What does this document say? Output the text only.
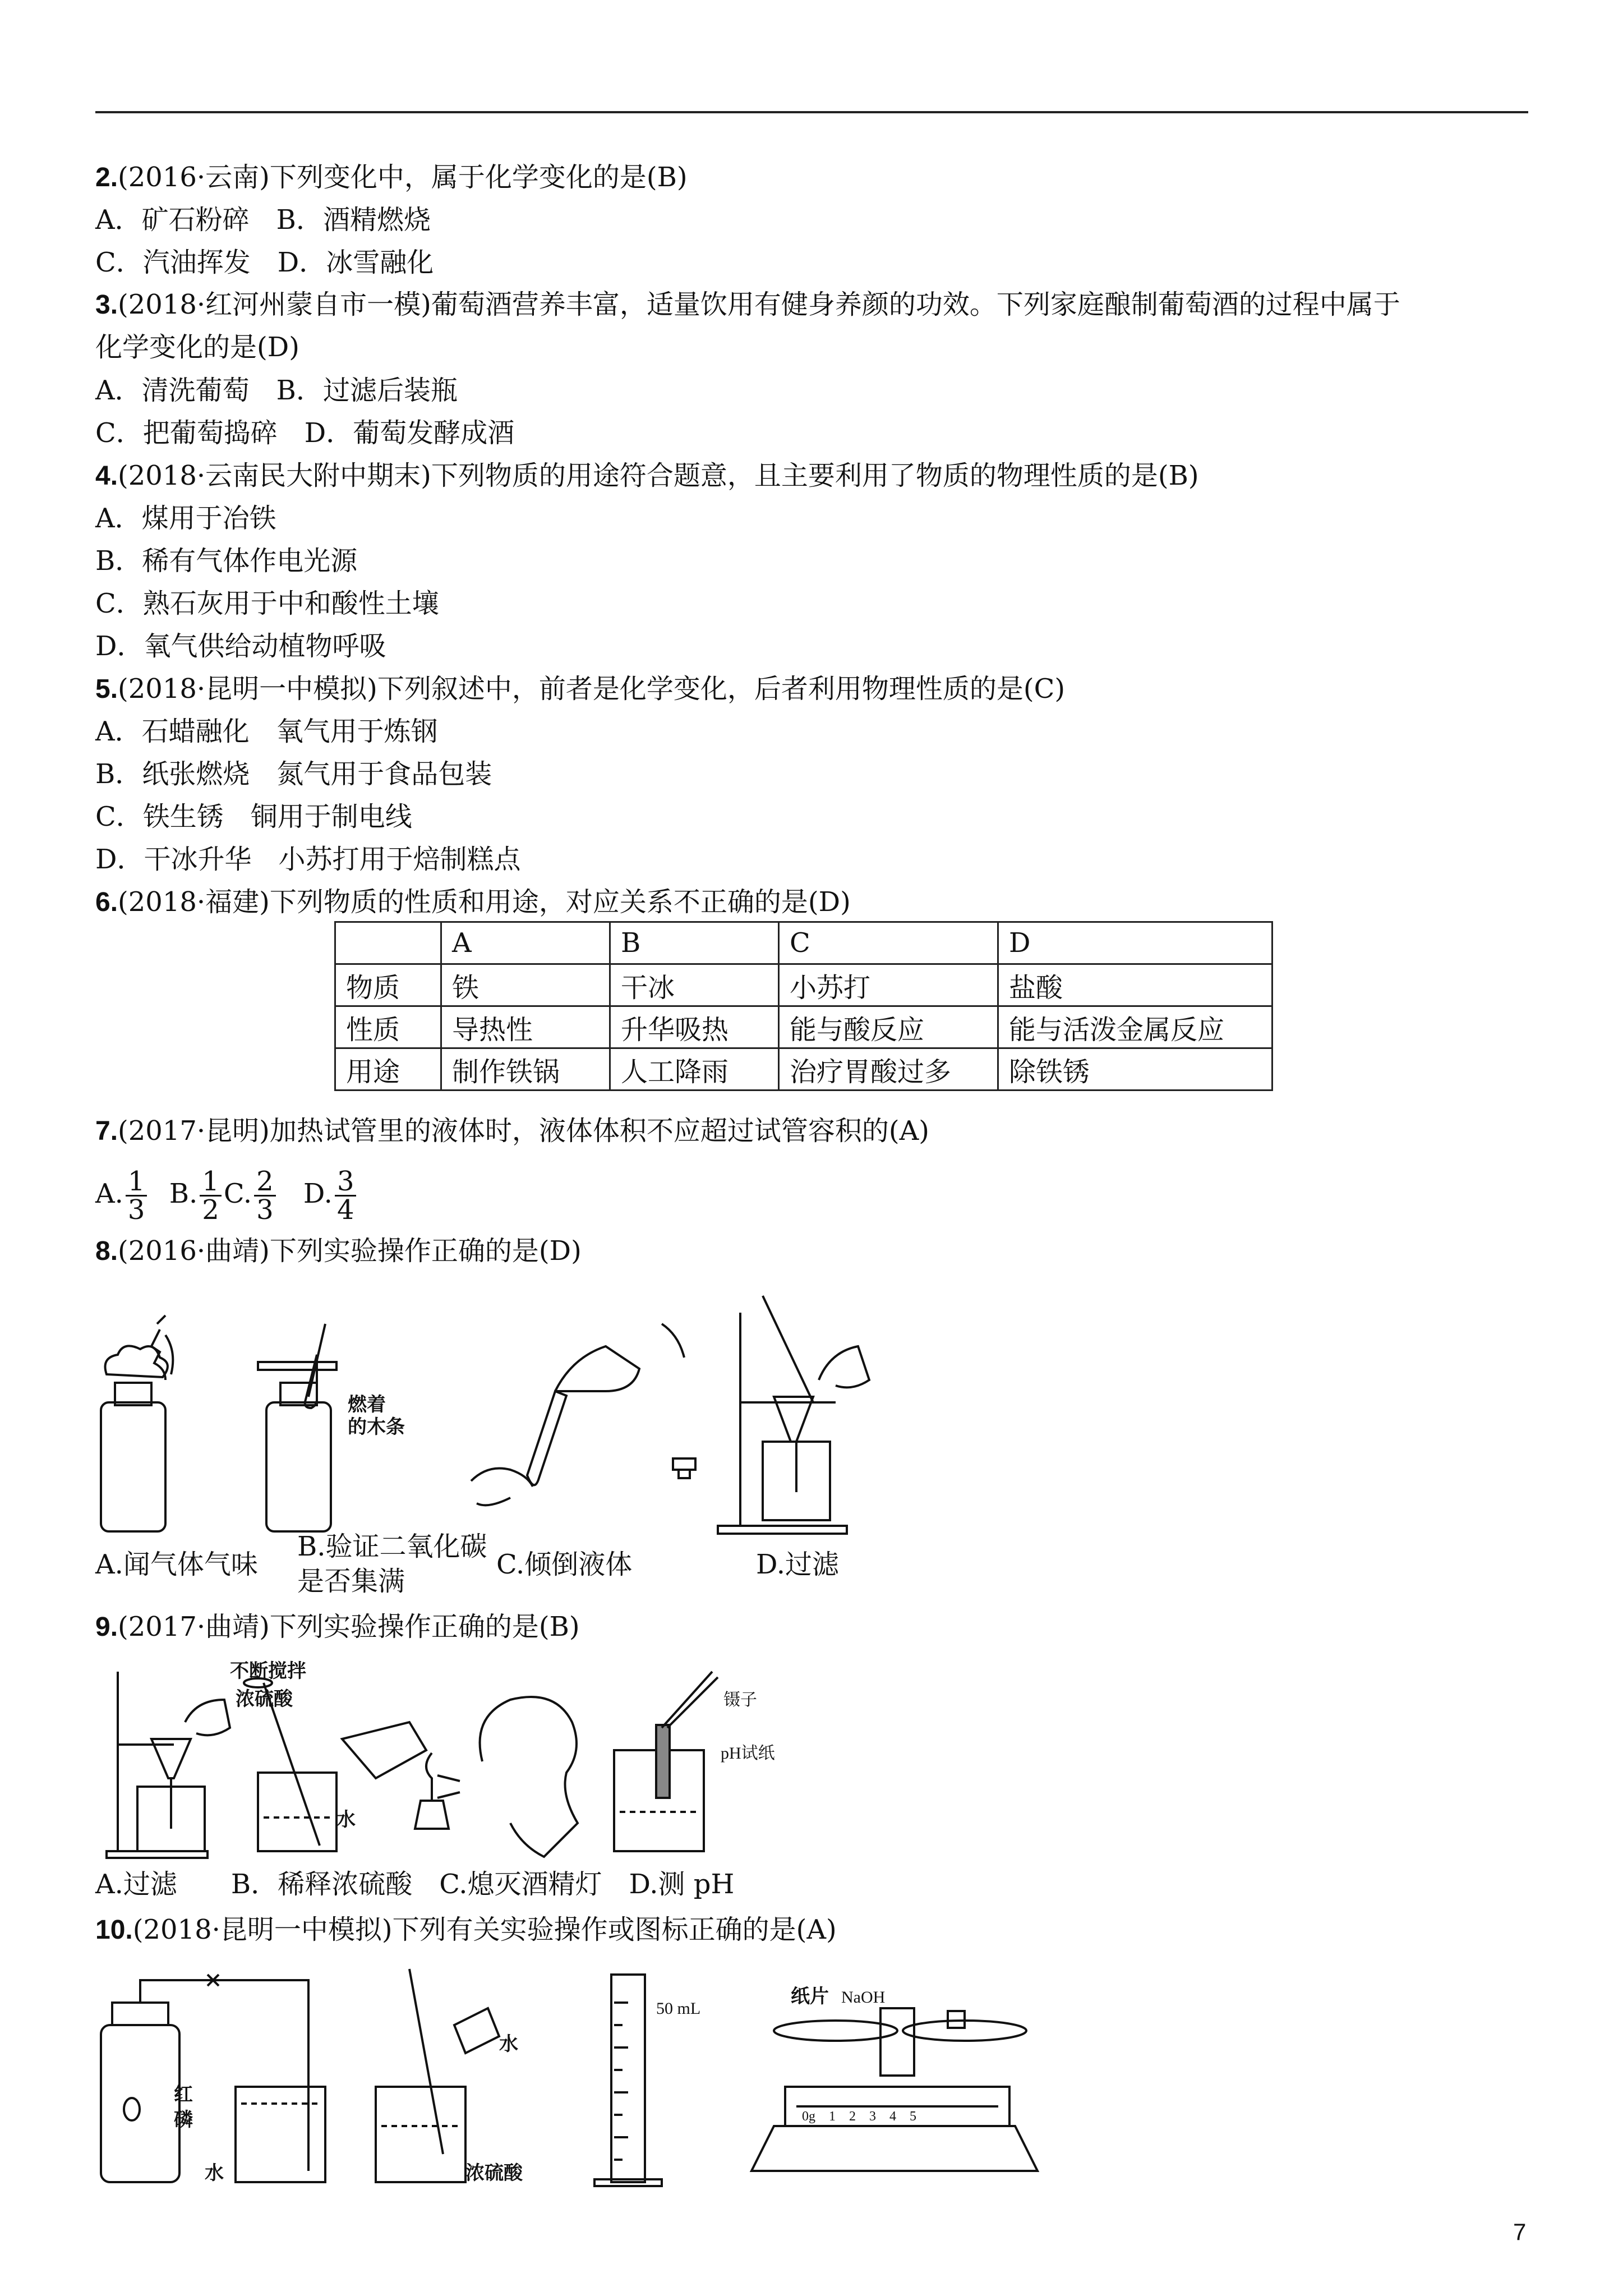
2.(2016·云南)下列变化中，属于化学变化的是(B)
A．矿石粉碎　B．酒精燃烧
C．汽油挥发　D．冰雪融化
3.(2018·红河州蒙自市一模)葡萄酒营养丰富，适量饮用有健身养颜的功效。下列家庭酿制葡萄酒的过程中属于
化学变化的是(D)
A．清洗葡萄　B．过滤后装瓶
C．把葡萄捣碎　D．葡萄发酵成酒
4.(2018·云南民大附中期末)下列物质的用途符合题意，且主要利用了物质的物理性质的是(B)
A．煤用于冶铁
B．稀有气体作电光源
C．熟石灰用于中和酸性土壤
D．氧气供给动植物呼吸
5.(2018·昆明一中模拟)下列叙述中，前者是化学变化，后者利用物理性质的是(C)
A．石蜡融化　氧气用于炼钢
B．纸张燃烧　氮气用于食品包装
C．铁生锈　铜用于制电线
D．干冰升华　小苏打用于焙制糕点
6.(2018·福建)下列物质的性质和用途，对应关系不正确的是(D)
	A	B	C	D
物质	铁	干冰	小苏打	盐酸
性质	导热性	升华吸热	能与酸反应	能与活泼金属反应
用途	制作铁锅	人工降雨	治疗胃酸过多	除铁锈
7.(2017·昆明)加热试管里的液体时，液体体积不应超过试管容积的(A)
A. $\frac{1}{3} B$. $\frac{1}{2} C$. $\frac{2}{3} D$. $\frac{3}{4}$
8.(2016·曲靖)下列实验操作正确的是(D)
燃着
的木条
A.闻气体气味
B.验证二氧化碳
是否集满
C.倾倒液体	D.过滤
9.(2017·曲靖)下列实验操作正确的是(B)
不断搅拌
浓硫酸
水
镊子
pH试纸
A.过滤　　B．稀释浓硫酸　C.熄灭酒精灯　D.测 pH
10.(2018·昆明一中模拟)下列有关实验操作或图标正确的是(A)
红
磷
水
水
浓硫酸
50 mL
纸片 NaOH
0g　1　2　3　4　5
7
